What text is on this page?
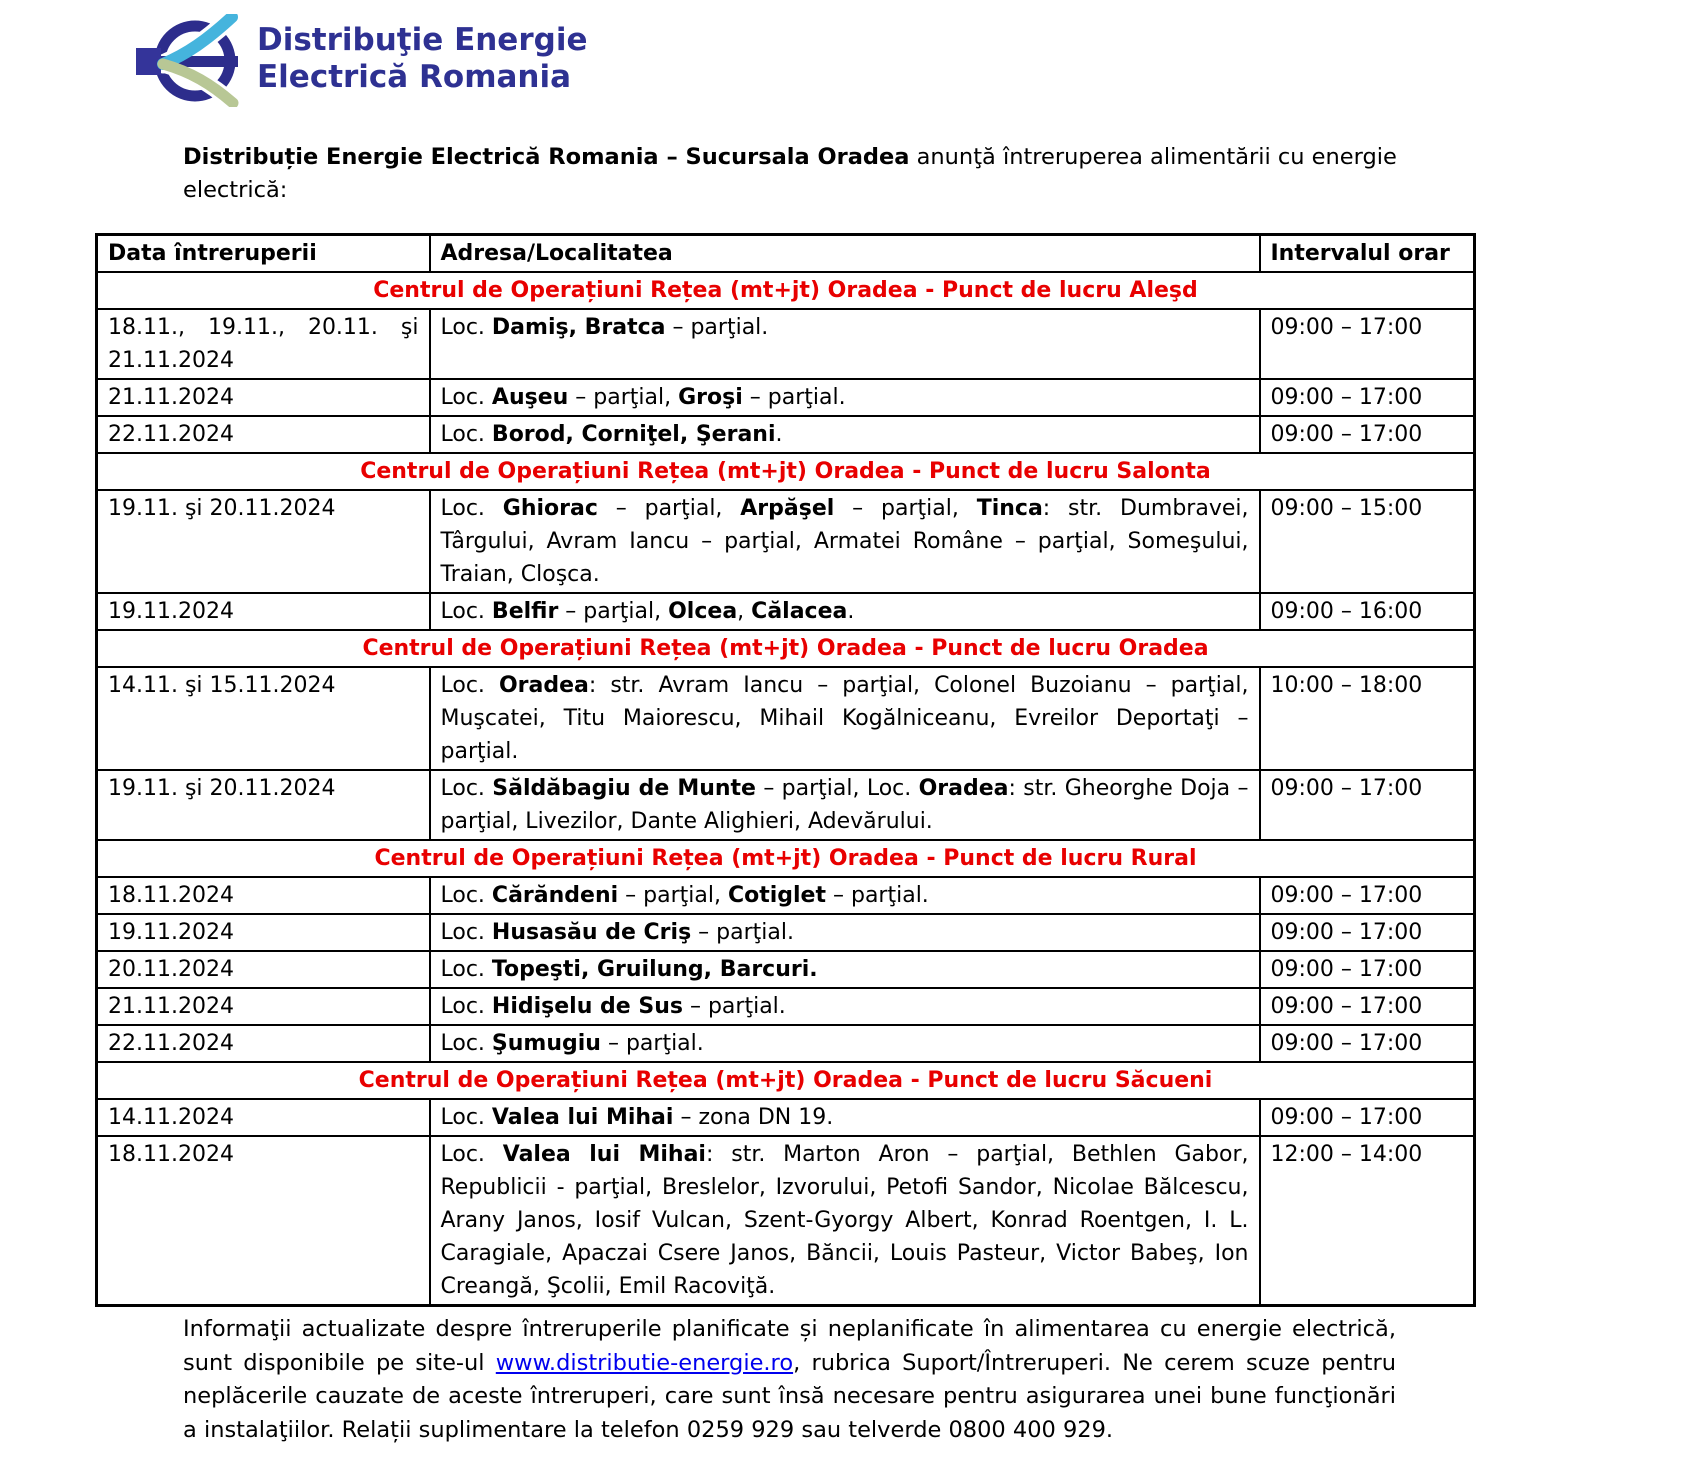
Distribuţie Energie
Electrică Romania

Distribuție Energie Electrică Romania – Sucursala Oradea anunţă întreruperea alimentării cu energie electrică:

Data întreruperii	Adresa/Localitatea	Intervalul orar
Centrul de Operațiuni Rețea (mt+jt) Oradea - Punct de lucru Aleşd		
18.11., 19.11., 20.11. şi 21.11.2024	Loc. Damiş, Bratca – parţial.	09:00 – 17:00
21.11.2024	Loc. Auşeu – parţial, Groşi – parţial.	09:00 – 17:00
22.11.2024	Loc. Borod, Corniţel, Şerani.	09:00 – 17:00
Centrul de Operațiuni Rețea (mt+jt) Oradea - Punct de lucru Salonta		
19.11. şi 20.11.2024	Loc. Ghiorac – parţial, Arpăşel – parţial, Tinca: str. Dumbravei, Târgului, Avram Iancu – parţial, Armatei Române – parţial, Someşului, Traian, Cloşca.	09:00 – 15:00
19.11.2024	Loc. Belfir – parţial, Olcea, Călacea.	09:00 – 16:00
Centrul de Operațiuni Rețea (mt+jt) Oradea - Punct de lucru Oradea		
14.11. şi 15.11.2024	Loc. Oradea: str. Avram Iancu – parţial, Colonel Buzoianu – parţial, Muşcatei, Titu Maiorescu, Mihail Kogălniceanu, Evreilor Deportaţi – parţial.	10:00 – 18:00
19.11. şi 20.11.2024	Loc. Săldăbagiu de Munte – parţial, Loc. Oradea: str. Gheorghe Doja – parţial, Livezilor, Dante Alighieri, Adevărului.	09:00 – 17:00
Centrul de Operațiuni Rețea (mt+jt) Oradea - Punct de lucru Rural		
18.11.2024	Loc. Cărăndeni – parţial, Cotiglet – parţial.	09:00 – 17:00
19.11.2024	Loc. Husasău de Criş – parţial.	09:00 – 17:00
20.11.2024	Loc. Topeşti, Gruilung, Barcuri.	09:00 – 17:00
21.11.2024	Loc. Hidişelu de Sus – parţial.	09:00 – 17:00
22.11.2024	Loc. Şumugiu – parţial.	09:00 – 17:00
Centrul de Operațiuni Rețea (mt+jt) Oradea - Punct de lucru Săcueni		
14.11.2024	Loc. Valea lui Mihai – zona DN 19.	09:00 – 17:00
18.11.2024	Loc. Valea lui Mihai: str. Marton Aron – parţial, Bethlen Gabor, Republicii - parţial, Breslelor, Izvorului, Petofi Sandor, Nicolae Bălcescu, Arany Janos, Iosif Vulcan, Szent-Gyorgy Albert, Konrad Roentgen, I. L. Caragiale, Apaczai Csere Janos, Băncii, Louis Pasteur, Victor Babeş, Ion Creangă, Şcolii, Emil Racoviţă.	12:00 – 14:00

Informaţii actualizate despre întreruperile planificate și neplanificate în alimentarea cu energie electrică, sunt disponibile pe site-ul www.distributie-energie.ro, rubrica Suport/Întreruperi. Ne cerem scuze pentru neplăcerile cauzate de aceste întreruperi, care sunt însă necesare pentru asigurarea unei bune funcţionări a instalaţiilor. Relații suplimentare la telefon 0259 929 sau telverde 0800 400 929.
